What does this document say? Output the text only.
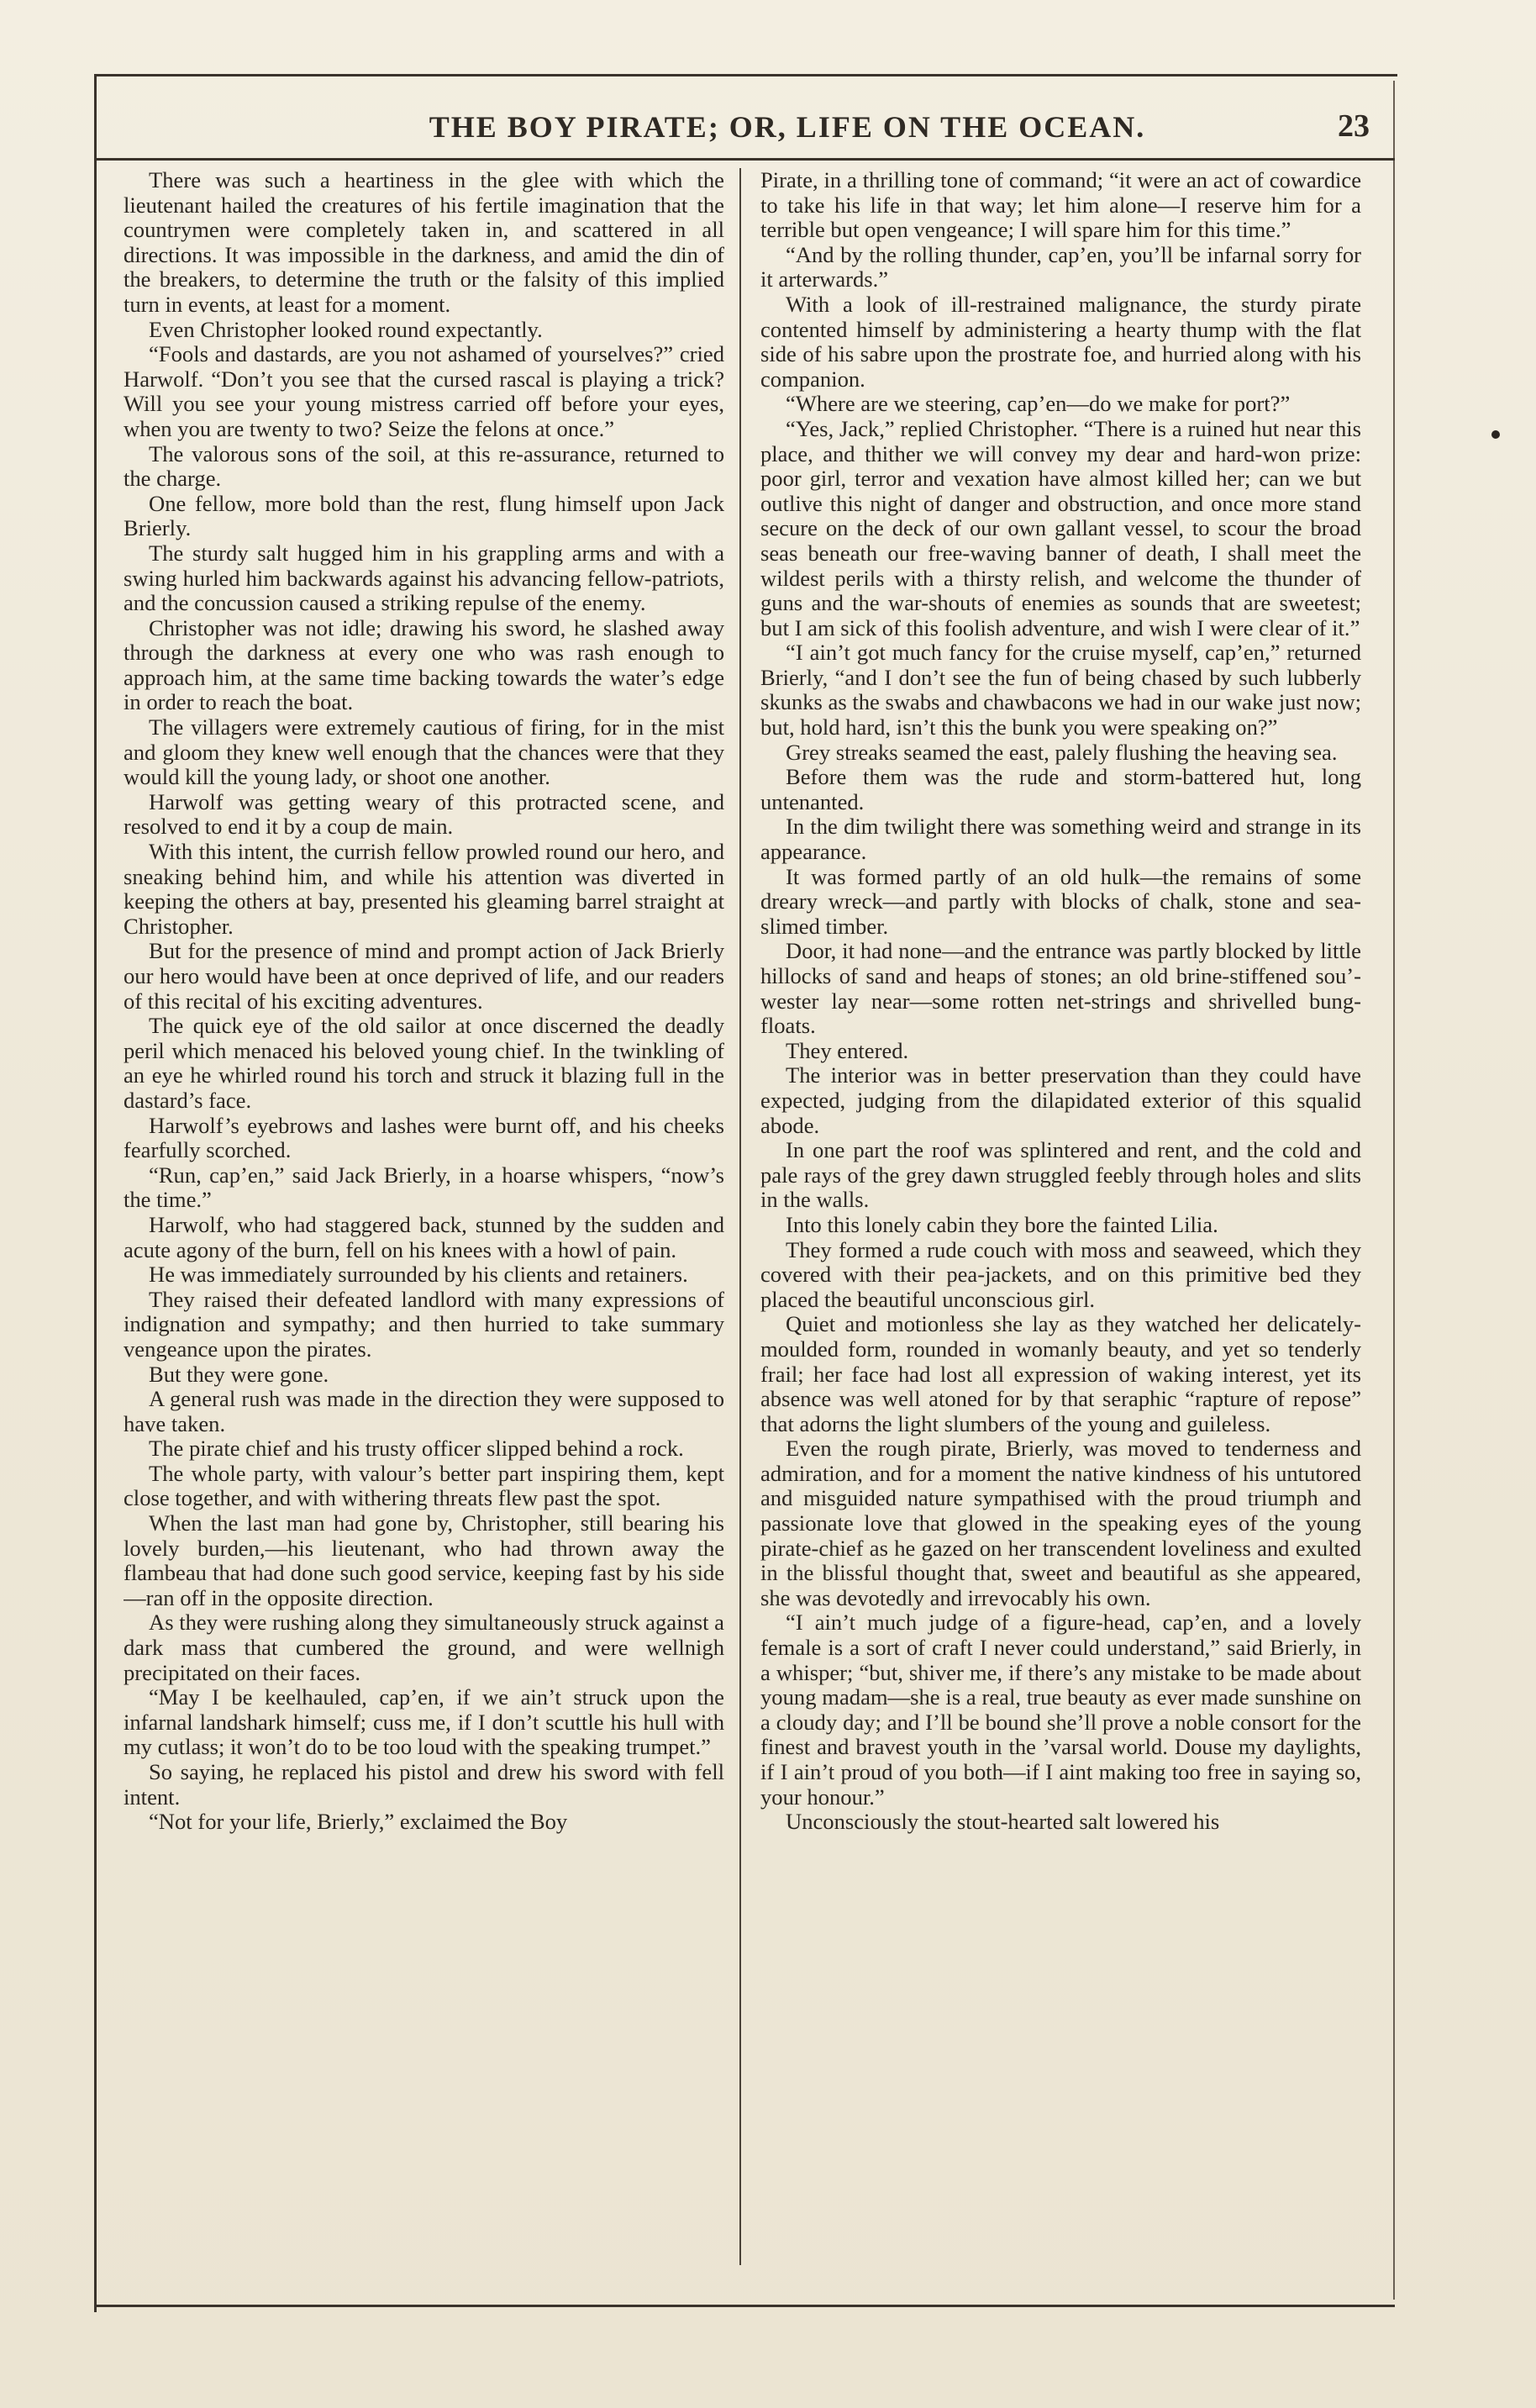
THE BOY PIRATE; OR, LIFE ON THE OCEAN.	23

There was such a heartiness in the glee with which the lieutenant hailed the creatures of his fertile imagination that the countrymen were completely taken in, and scattered in all directions. It was impossible in the darkness, and amid the din of the breakers, to determine the truth or the falsity of this implied turn in events, at least for a moment.

Even Christopher looked round expectantly.

“Fools and dastards, are you not ashamed of yourselves?” cried Harwolf. “Don’t you see that the cursed rascal is playing a trick? Will you see your young mistress carried off before your eyes, when you are twenty to two? Seize the felons at once.”

The valorous sons of the soil, at this re-assurance, returned to the charge.

One fellow, more bold than the rest, flung himself upon Jack Brierly.

The sturdy salt hugged him in his grappling arms and with a swing hurled him backwards against his advancing fellow-patriots, and the concussion caused a striking repulse of the enemy.

Christopher was not idle; drawing his sword, he slashed away through the darkness at every one who was rash enough to approach him, at the same time backing towards the water’s edge in order to reach the boat.

The villagers were extremely cautious of firing, for in the mist and gloom they knew well enough that the chances were that they would kill the young lady, or shoot one another.

Harwolf was getting weary of this protracted scene, and resolved to end it by a coup de main.

With this intent, the currish fellow prowled round our hero, and sneaking behind him, and while his attention was diverted in keeping the others at bay, presented his gleaming barrel straight at Christopher.

But for the presence of mind and prompt action of Jack Brierly our hero would have been at once deprived of life, and our readers of this recital of his exciting adventures.

The quick eye of the old sailor at once discerned the deadly peril which menaced his beloved young chief. In the twinkling of an eye he whirled round his torch and struck it blazing full in the dastard’s face.

Harwolf’s eyebrows and lashes were burnt off, and his cheeks fearfully scorched.

“Run, cap’en,” said Jack Brierly, in a hoarse whispers, “now’s the time.”

Harwolf, who had staggered back, stunned by the sudden and acute agony of the burn, fell on his knees with a howl of pain.

He was immediately surrounded by his clients and retainers.

They raised their defeated landlord with many expressions of indignation and sympathy; and then hurried to take summary vengeance upon the pirates.

But they were gone.

A general rush was made in the direction they were supposed to have taken.

The pirate chief and his trusty officer slipped behind a rock.

The whole party, with valour’s better part inspiring them, kept close together, and with withering threats flew past the spot.

When the last man had gone by, Christopher, still bearing his lovely burden,—his lieutenant, who had thrown away the flambeau that had done such good service, keeping fast by his side—ran off in the opposite direction.

As they were rushing along they simultaneously struck against a dark mass that cumbered the ground, and were wellnigh precipitated on their faces.

“May I be keelhauled, cap’en, if we ain’t struck upon the infarnal landshark himself; cuss me, if I don’t scuttle his hull with my cutlass; it won’t do to be too loud with the speaking trumpet.”

So saying, he replaced his pistol and drew his sword with fell intent.

“Not for your life, Brierly,” exclaimed the Boy

Pirate, in a thrilling tone of command; “it were an act of cowardice to take his life in that way; let him alone—I reserve him for a terrible but open vengeance; I will spare him for this time.”

“And by the rolling thunder, cap’en, you’ll be infarnal sorry for it arterwards.”

With a look of ill-restrained malignance, the sturdy pirate contented himself by administering a hearty thump with the flat side of his sabre upon the prostrate foe, and hurried along with his companion.

“Where are we steering, cap’en—do we make for port?”

“Yes, Jack,” replied Christopher. “There is a ruined hut near this place, and thither we will convey my dear and hard-won prize: poor girl, terror and vexation have almost killed her; can we but outlive this night of danger and obstruction, and once more stand secure on the deck of our own gallant vessel, to scour the broad seas beneath our free-waving banner of death, I shall meet the wildest perils with a thirsty relish, and welcome the thunder of guns and the war-shouts of enemies as sounds that are sweetest; but I am sick of this foolish adventure, and wish I were clear of it.”

“I ain’t got much fancy for the cruise myself, cap’en,” returned Brierly, “and I don’t see the fun of being chased by such lubberly skunks as the swabs and chawbacons we had in our wake just now; but, hold hard, isn’t this the bunk you were speaking on?”

Grey streaks seamed the east, palely flushing the heaving sea.

Before them was the rude and storm-battered hut, long untenanted.

In the dim twilight there was something weird and strange in its appearance.

It was formed partly of an old hulk—the remains of some dreary wreck—and partly with blocks of chalk, stone and sea-slimed timber.

Door, it had none—and the entrance was partly blocked by little hillocks of sand and heaps of stones; an old brine-stiffened sou’-wester lay near—some rotten net-strings and shrivelled bung-floats.

They entered.

The interior was in better preservation than they could have expected, judging from the dilapidated exterior of this squalid abode.

In one part the roof was splintered and rent, and the cold and pale rays of the grey dawn struggled feebly through holes and slits in the walls.

Into this lonely cabin they bore the fainted Lilia.

They formed a rude couch with moss and seaweed, which they covered with their pea-jackets, and on this primitive bed they placed the beautiful unconscious girl.

Quiet and motionless she lay as they watched her delicately-moulded form, rounded in womanly beauty, and yet so tenderly frail; her face had lost all expression of waking interest, yet its absence was well atoned for by that seraphic “rapture of repose” that adorns the light slumbers of the young and guileless.

Even the rough pirate, Brierly, was moved to tenderness and admiration, and for a moment the native kindness of his untutored and misguided nature sympathised with the proud triumph and passionate love that glowed in the speaking eyes of the young pirate-chief as he gazed on her transcendent loveliness and exulted in the blissful thought that, sweet and beautiful as she appeared, she was devotedly and irrevocably his own.

“I ain’t much judge of a figure-head, cap’en, and a lovely female is a sort of craft I never could understand,” said Brierly, in a whisper; “but, shiver me, if there’s any mistake to be made about young madam—she is a real, true beauty as ever made sunshine on a cloudy day; and I’ll be bound she’ll prove a noble consort for the finest and bravest youth in the ’varsal world. Douse my daylights, if I ain’t proud of you both—if I aint making too free in saying so, your honour.”

Unconsciously the stout-hearted salt lowered his
